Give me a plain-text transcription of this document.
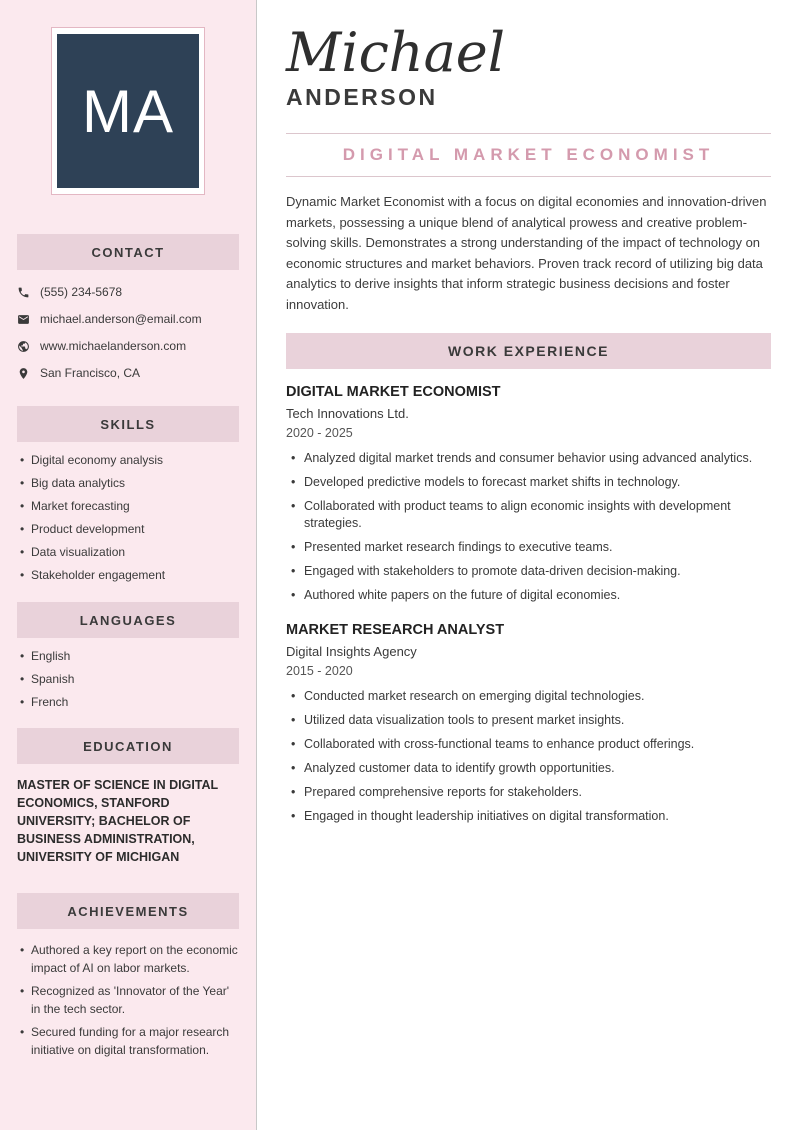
MA
CONTACT
(555) 234-5678
michael.anderson@email.com
www.michaelanderson.com
San Francisco, CA
SKILLS
• Digital economy analysis
• Big data analytics
• Market forecasting
• Product development
• Data visualization
• Stakeholder engagement
LANGUAGES
• English
• Spanish
• French
EDUCATION

MASTER OF SCIENCE IN DIGITAL ECONOMICS, STANFORD UNIVERSITY; BACHELOR OF BUSINESS ADMINISTRATION, UNIVERSITY OF MICHIGAN

ACHIEVEMENTS
• Authored a key report on the economic impact of AI on labor markets.
• Recognized as 'Innovator of the Year' in the tech sector.
• Secured funding for a major research initiative on digital transformation.
Michael
ANDERSON
DIGITAL MARKET ECONOMIST

Dynamic Market Economist with a focus on digital economies and innovation-driven markets, possessing a unique blend of analytical prowess and creative problem-solving skills. Demonstrates a strong understanding of the impact of technology on economic structures and market behaviors. Proven track record of utilizing big data analytics to derive insights that inform strategic business decisions and foster innovation.

WORK EXPERIENCE
DIGITAL MARKET ECONOMIST
Tech Innovations Ltd.
2020 - 2025
• Analyzed digital market trends and consumer behavior using advanced analytics.
• Developed predictive models to forecast market shifts in technology.
• Collaborated with product teams to align economic insights with development strategies.
• Presented market research findings to executive teams.
• Engaged with stakeholders to promote data-driven decision-making.
• Authored white papers on the future of digital economies.
MARKET RESEARCH ANALYST
Digital Insights Agency
2015 - 2020
• Conducted market research on emerging digital technologies.
• Utilized data visualization tools to present market insights.
• Collaborated with cross-functional teams to enhance product offerings.
• Analyzed customer data to identify growth opportunities.
• Prepared comprehensive reports for stakeholders.
• Engaged in thought leadership initiatives on digital transformation.
